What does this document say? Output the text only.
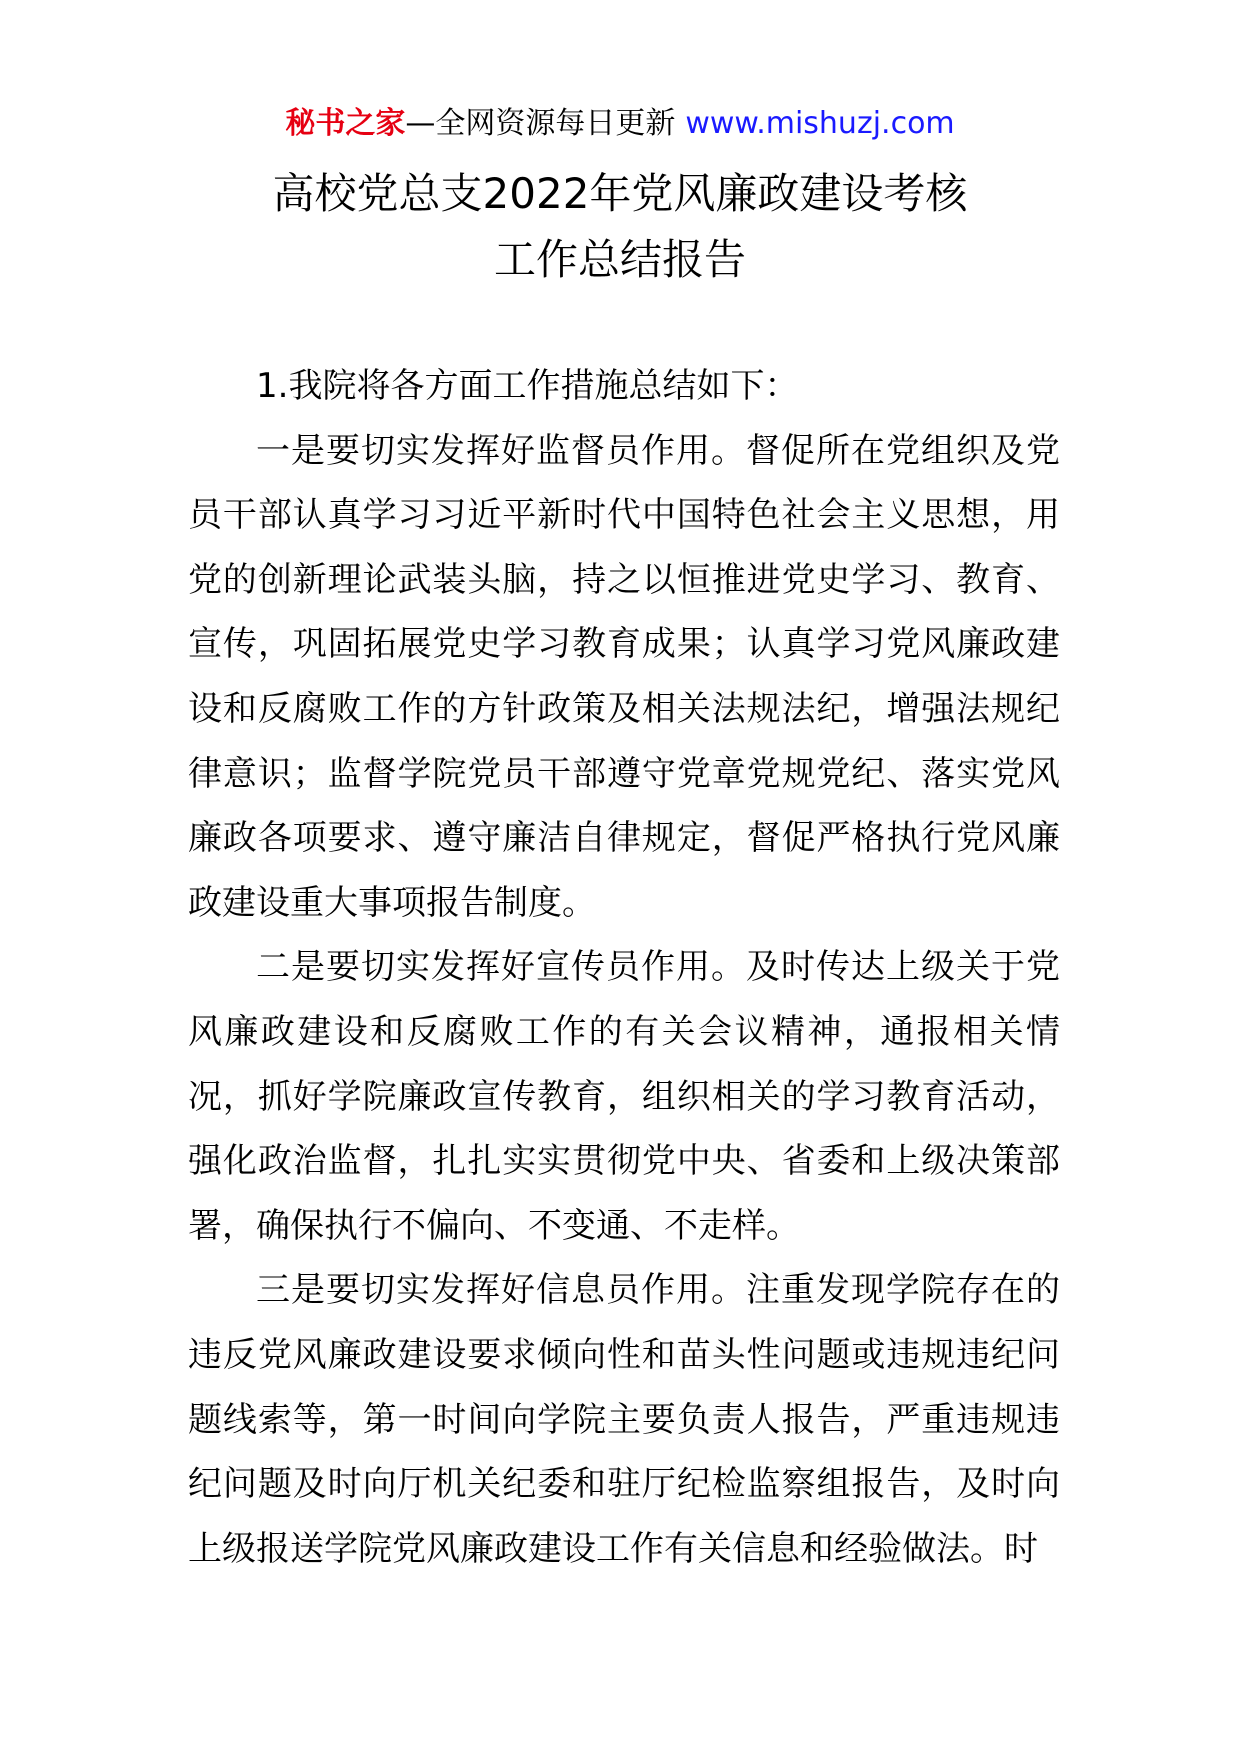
秘书之家—全网资源每日更新 www.mishuzj.com
高校党总支2022年党风廉政建设考核
工作总结报告

1.我院将各方面工作措施总结如下：

一是要切实发挥好监督员作用。督促所在党组织及党员干部认真学习习近平新时代中国特色社会主义思想，用党的创新理论武装头脑，持之以恒推进党史学习、教育、宣传，巩固拓展党史学习教育成果；认真学习党风廉政建设和反腐败工作的方针政策及相关法规法纪，增强法规纪律意识；监督学院党员干部遵守党章党规党纪、落实党风廉政各项要求、遵守廉洁自律规定，督促严格执行党风廉政建设重大事项报告制度。

二是要切实发挥好宣传员作用。及时传达上级关于党风廉政建设和反腐败工作的有关会议精神，通报相关情况，抓好学院廉政宣传教育，组织相关的学习教育活动，强化政治监督，扎扎实实贯彻党中央、省委和上级决策部署，确保执行不偏向、不变通、不走样。

三是要切实发挥好信息员作用。注重发现学院存在的违反党风廉政建设要求倾向性和苗头性问题或违规违纪问题线索等，第一时间向学院主要负责人报告，严重违规违纪问题及时向厅机关纪委和驻厅纪检监察组报告，及时向上级报送学院党风廉政建设工作有关信息和经验做法。时
